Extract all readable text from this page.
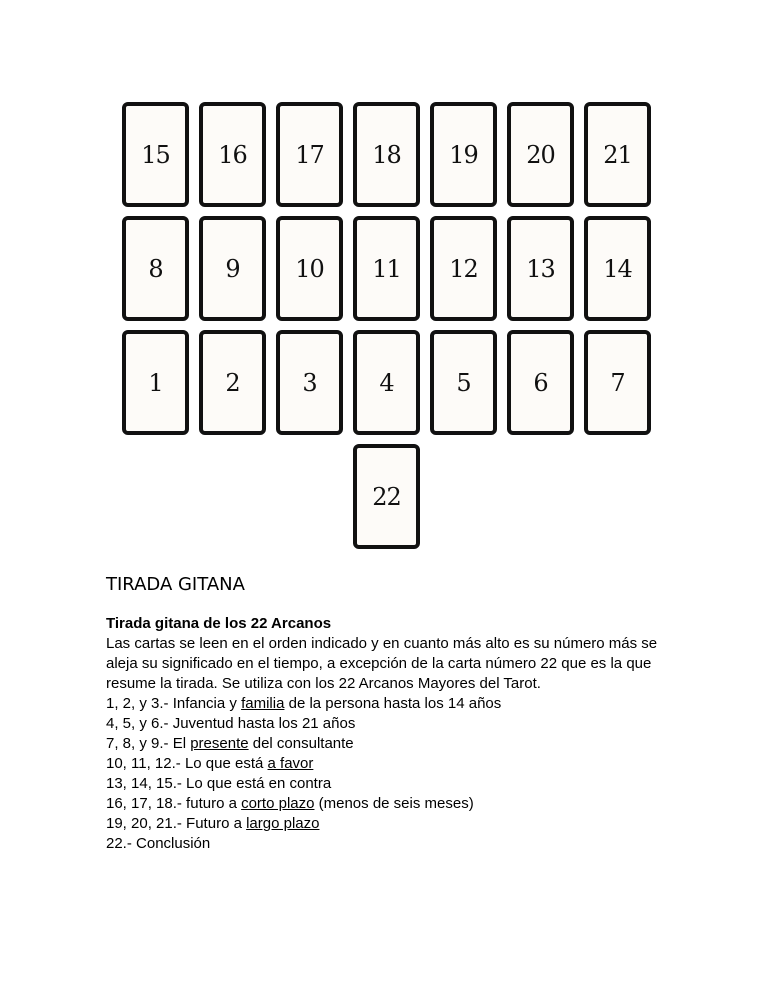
15 16 17 18 19 20 21
8	9 10 11 12 13 14
1	2	3	4	5	6	7
22
TIRADA GITANA
Tirada gitana de los 22 Arcanos
Las cartas se leen en el orden indicado y en cuanto más alto es su número más se aleja su significado en el tiempo, a excepción de la carta número 22 que es la que resume la tirada. Se utiliza con los 22 Arcanos Mayores del Tarot.
1, 2, y 3.- Infancia y familia de la persona hasta los 14 años
4, 5, y 6.- Juventud hasta los 21 años
7, 8, y 9.- El presente del consultante
10, 11, 12.- Lo que está a favor
13, 14, 15.- Lo que está en contra
16, 17, 18.- futuro a corto plazo (menos de seis meses)
19, 20, 21.- Futuro a largo plazo
22.- Conclusión
